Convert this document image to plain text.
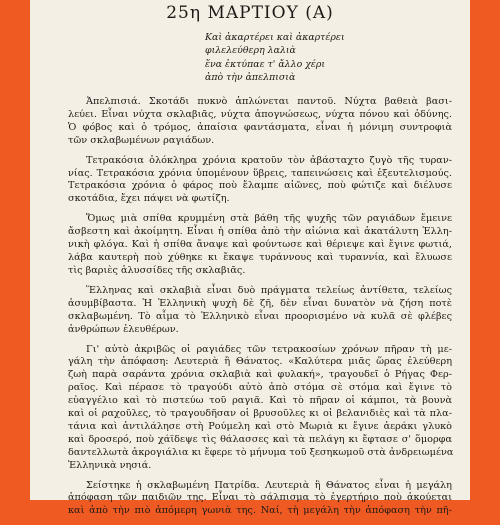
25η ΜΑΡΤΙΟΥ (Α)
Καὶ ἀκαρτέρει καὶ ἀκαρτέρει
φιλελεύθερη λαλιὰ
ἕνα ἐκτύπαε τ' ἄλλο χέρι
ἀπὸ τὴν ἀπελπισιὰ
Ἀπελπισιά. Σκοτάδι πυκνὸ ἁπλώνεται παντοῦ. Νύχτα βαθειὰ βασι-
λεύει. Εἶναι νύχτα σκλαβιᾶς, νύχτα ἀπογνώσεως, νύχτα πόνου καὶ ὀδύνης.
Ὁ φόβος καὶ ὁ τρόμος, ἀπαίσια φαντάσματα, εἶναι ἡ μόνιμη συντροφιὰ
τῶν σκλαβωμένων ραγιάδων.
Τετρακόσια ὁλόκληρα χρόνια κρατοῦν τὸν ἀβάσταχτο ζυγὸ τῆς τυραν-
νίας. Τετρακόσια χρόνια ὑπομένουν ὕβρεις, ταπεινώσεις καὶ ἐξευτελισμούς.
Τετρακόσια χρόνια ὁ φάρος ποὺ ἔλαμπε αἰῶνες, ποὺ φώτιζε καὶ διέλυσε
σκοτάδια, ἔχει πάψει νὰ φωτίζη.
Ὅμως μιὰ σπίθα κρυμμένη στὰ βάθη τῆς ψυχῆς τῶν ραγιάδων ἔμεινε
ἄσβεστη καὶ ἀκοίμητη. Εἶναι ἡ σπίθα ἀπὸ τὴν αἰώνια καὶ ἀκατάλυτη Ἑλλη-
νικὴ φλόγα. Καὶ ἡ σπίθα ἄναψε καὶ φούντωσε καὶ θέριεψε καὶ ἔγινε φωτιά,
λάβα καυτερὴ ποὺ χύθηκε κι ἔκαψε τυράννους καὶ τυραννία, καὶ ἔλυωσε
τὶς βαριὲς ἁλυσσίδες τῆς σκλαβιᾶς.
Ἕλληνας καὶ σκλαβιὰ εἶναι δυὸ πράγματα τελείως ἀντίθετα, τελείως
ἀσυμβίβαστα. Ἡ Ἑλληνικὴ ψυχὴ δὲ ζῆ, δὲν εἶναι δυνατὸν νὰ ζήση ποτὲ
σκλαβωμένη. Τὸ αἷμα τὸ Ἑλληνικὸ εἶναι προορισμένο νὰ κυλᾶ σὲ φλέβες
ἀνθρώπων ἐλευθέρων.
Γι' αὐτὸ ἀκριβῶς οἱ ραγιάδες τῶν τετρακοσίων χρόνων πῆραν τὴ με-
γάλη τὴν ἀπόφαση: Λευτεριὰ ἢ Θάνατος. «Καλύτερα μιᾶς ὥρας ἐλεύθερη
ζωὴ παρὰ σαράντα χρόνια σκλαβιὰ καὶ φυλακή», τραγουδεῖ ὁ Ρήγας Φερ-
ραῖος. Καὶ πέρασε τὸ τραγούδι αὐτὸ ἀπὸ στόμα σὲ στόμα καὶ ἔγινε τὸ
εὐαγγέλιο καὶ τὸ πιστεύω τοῦ ραγιᾶ. Καὶ τὸ πῆραν οἱ κάμποι, τὰ βουνὰ
καὶ οἱ ραχοῦλες, τὸ τραγουδῆσαν οἱ βρυσοῦλες κι οἱ βελανιδιὲς καὶ τὰ πλα-
τάνια καὶ ἀντιλάλησε στὴ Ρούμελη καὶ στὸ Μωριὰ κι ἔγινε ἀεράκι γλυκὸ
καὶ δροσερό, ποὺ χάϊδεψε τὶς θάλασσες καὶ τὰ πελάγη κι ἔφτασε σ' ὅμορφα
δαντελλωτὰ ἀκρογιάλια κι ἔφερε τὸ μήνυμα τοῦ ξεσηκωμοῦ στὰ ἀνδρειωμένα
Ἑλληνικὰ νησιά.
Σείστηκε ἡ σκλαβωμένη Πατρίδα. Λευτεριὰ ἢ Θάνατος εἶναι ἡ μεγάλη
ἀπόφαση τῶν παιδιῶν της. Εἶναι τὸ σάλπισμα τὸ ἐγερτήριο ποὺ ἀκούεται
καὶ ἀπὸ τὴν πιὸ ἀπόμερη γωνιὰ της. Ναί, τὴ μεγάλη τὴν ἀπόφαση τὴν πῆ-
